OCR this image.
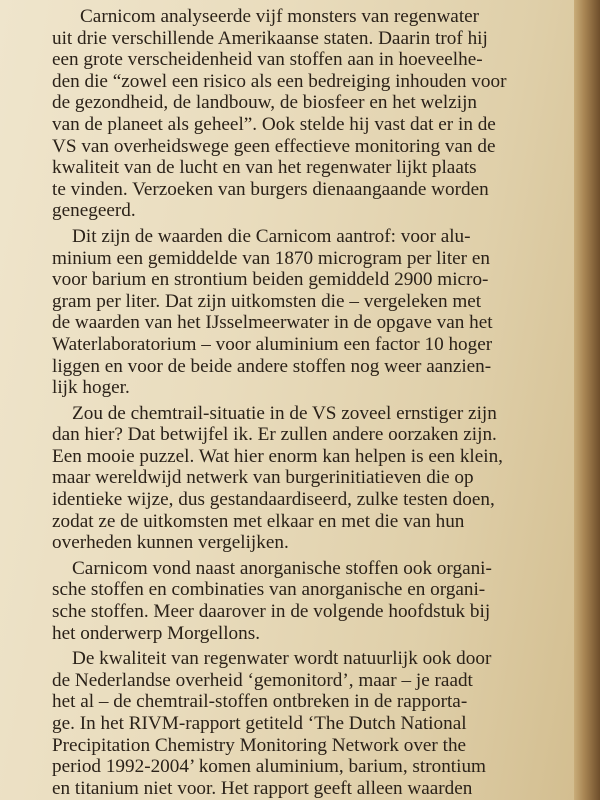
Carnicom analyseerde vijf monsters van regenwater
uit drie verschillende Amerikaanse staten. Daarin trof hij
een grote verscheidenheid van stoffen aan in hoeveelhe-
den die “zowel een risico als een bedreiging inhouden voor
de gezondheid, de landbouw, de biosfeer en het welzijn
van de planeet als geheel”. Ook stelde hij vast dat er in de
VS van overheidswege geen effectieve monitoring van de
kwaliteit van de lucht en van het regenwater lijkt plaats
te vinden. Verzoeken van burgers dienaangaande worden
genegeerd.

Dit zijn de waarden die Carnicom aantrof: voor alu-
minium een gemiddelde van 1870 microgram per liter en
voor barium en strontium beiden gemiddeld 2900 micro-
gram per liter. Dat zijn uitkomsten die – vergeleken met
de waarden van het IJsselmeerwater in de opgave van het
Waterlaboratorium – voor aluminium een factor 10 hoger
liggen en voor de beide andere stoffen nog weer aanzien-
lijk hoger.

Zou de chemtrail-situatie in de VS zoveel ernstiger zijn
dan hier? Dat betwijfel ik. Er zullen andere oorzaken zijn.
Een mooie puzzel. Wat hier enorm kan helpen is een klein,
maar wereldwijd netwerk van burgerinitiatieven die op
identieke wijze, dus gestandaardiseerd, zulke testen doen,
zodat ze de uitkomsten met elkaar en met die van hun
overheden kunnen vergelijken.

Carnicom vond naast anorganische stoffen ook organi-
sche stoffen en combinaties van anorganische en organi-
sche stoffen. Meer daarover in de volgende hoofdstuk bij
het onderwerp Morgellons.

De kwaliteit van regenwater wordt natuurlijk ook door
de Nederlandse overheid ‘gemonitord’, maar – je raadt
het al – de chemtrail-stoffen ontbreken in de rapporta-
ge. In het RIVM-rapport getiteld ‘The Dutch National
Precipitation Chemistry Monitoring Network over the
period 1992-2004’ komen aluminium, barium, strontium
en titanium niet voor. Het rapport geeft alleen waarden
